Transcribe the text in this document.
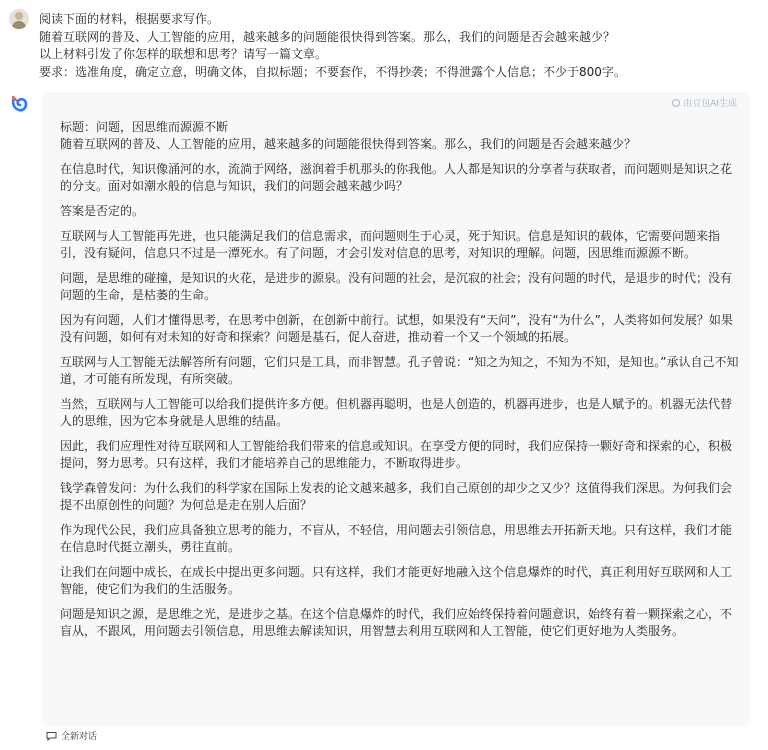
阅读下面的材料，根据要求写作。
随着互联网的普及、人工智能的应用，越来越多的问题能很快得到答案。那么，我们的问题是否会越来越少？
以上材料引发了你怎样的联想和思考？请写一篇文章。
要求：选准角度，确定立意，明确文体，自拟标题；不要套作，不得抄袭；不得泄露个人信息；不少于800字。
由豆包AI生成
标题：问题，因思维而源源不断
随着互联网的普及、人工智能的应用，越来越多的问题能很快得到答案。那么，我们的问题是否会越来越少？

在信息时代，知识像涌河的水，流淌于网络，滋润着手机那头的你我他。人人都是知识的分享者与获取者，而问题则是知识之花的分支。面对如潮水般的信息与知识，我们的问题会越来越少吗？

答案是否定的。

互联网与人工智能再先进，也只能满足我们的信息需求，而问题则生于心灵，死于知识。信息是知识的载体，它需要问题来指引，没有疑问，信息只不过是一潭死水。有了问题，才会引发对信息的思考，对知识的理解。问题，因思维而源源不断。

问题，是思维的碰撞，是知识的火花，是进步的源泉。没有问题的社会，是沉寂的社会；没有问题的时代，是退步的时代；没有问题的生命，是枯萎的生命。

因为有问题，人们才懂得思考，在思考中创新，在创新中前行。试想，如果没有“天问”，没有“为什么”，人类将如何发展？如果没有问题，如何有对未知的好奇和探索？问题是基石，促人奋进，推动着一个又一个领域的拓展。

互联网与人工智能无法解答所有问题，它们只是工具，而非智慧。孔子曾说：“知之为知之，不知为不知，是知也。”承认自己不知道，才可能有所发现，有所突破。

当然，互联网与人工智能可以给我们提供许多方便。但机器再聪明，也是人创造的，机器再进步，也是人赋予的。机器无法代替人的思维，因为它本身就是人思维的结晶。

因此，我们应理性对待互联网和人工智能给我们带来的信息或知识。在享受方便的同时，我们应保持一颗好奇和探索的心，积极提问，努力思考。只有这样，我们才能培养自己的思维能力，不断取得进步。

钱学森曾发问：为什么我们的科学家在国际上发表的论文越来越多，我们自己原创的却少之又少？这值得我们深思。为何我们会提不出原创性的问题？为何总是走在别人后面？

作为现代公民，我们应具备独立思考的能力，不盲从，不轻信，用问题去引领信息，用思维去开拓新天地。只有这样，我们才能在信息时代挺立潮头，勇往直前。

让我们在问题中成长，在成长中提出更多问题。只有这样，我们才能更好地融入这个信息爆炸的时代，真正利用好互联网和人工智能，使它们为我们的生活服务。

问题是知识之源，是思维之光，是进步之基。在这个信息爆炸的时代，我们应始终保持着问题意识，始终有着一颗探索之心，不盲从，不跟风，用问题去引领信息，用思维去解读知识，用智慧去利用互联网和人工智能，使它们更好地为人类服务。

全新对话
